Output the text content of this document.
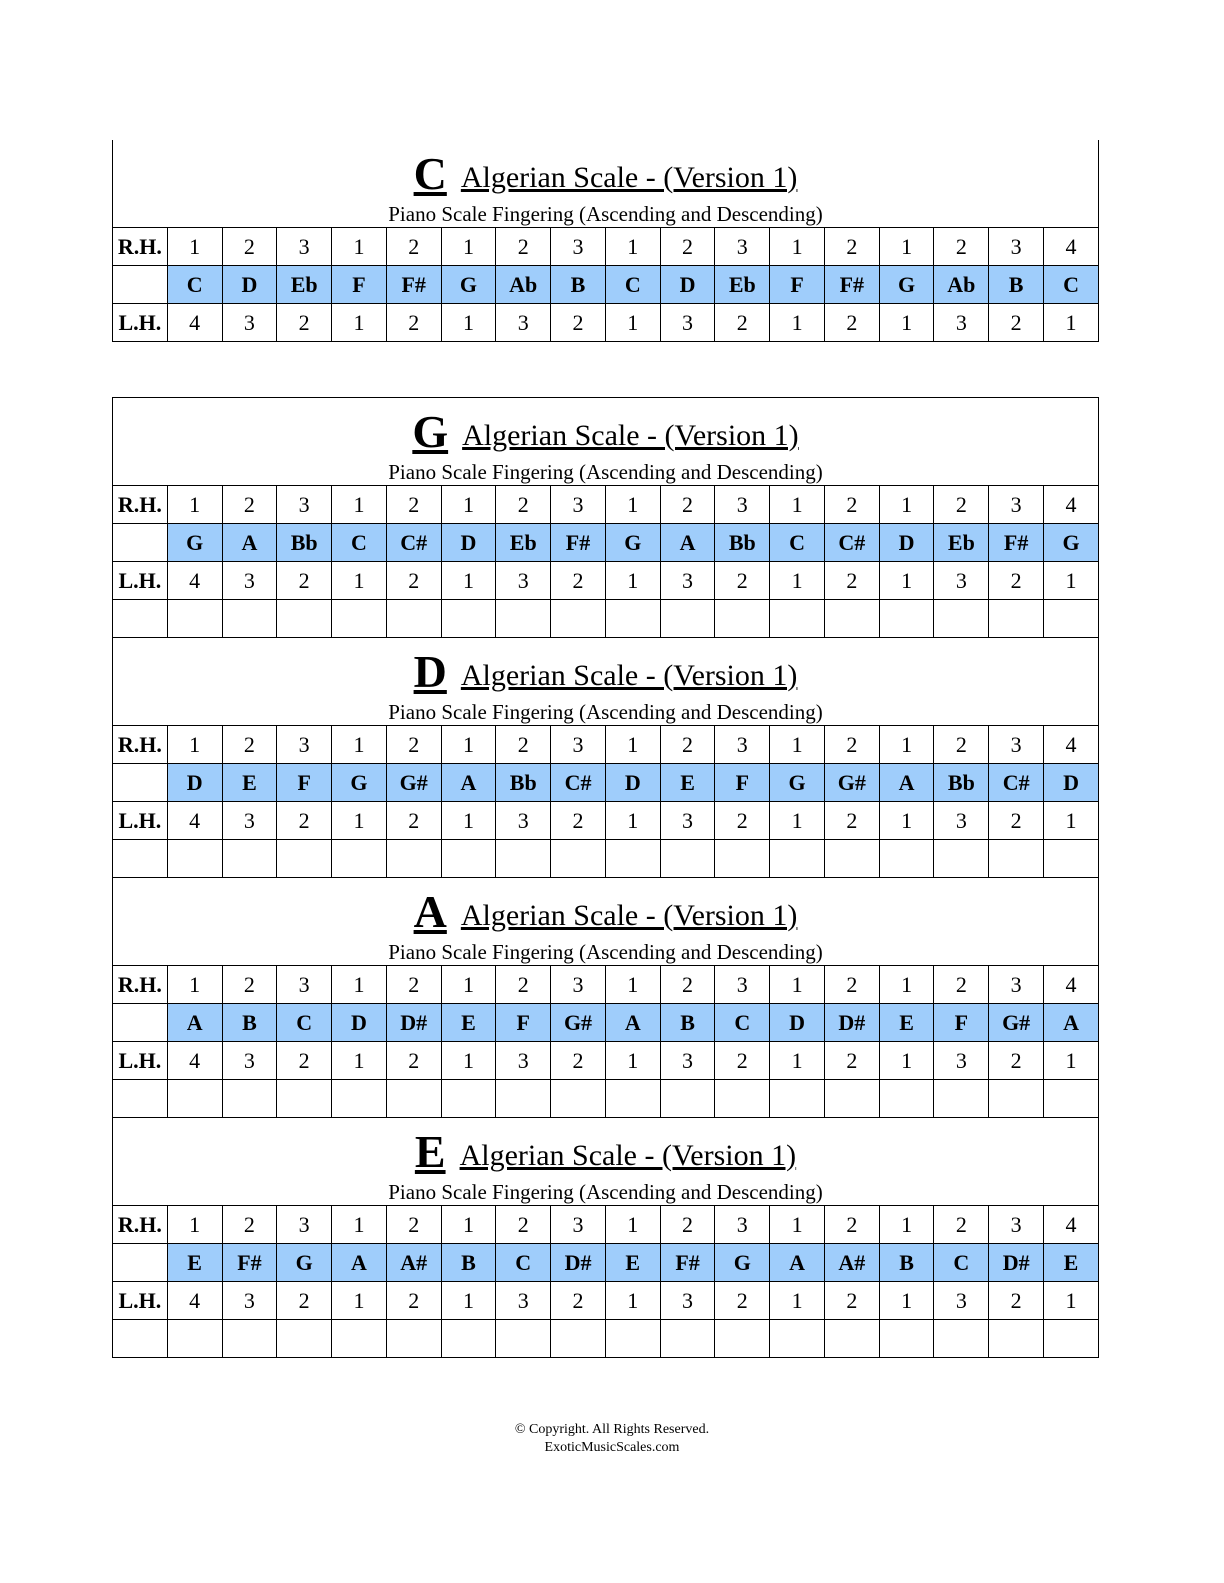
C Algerian Scale - (Version 1)
Piano Scale Fingering (Ascending and Descending)																	

R.H.	1	2	3	1	2	1	2	3	1	2	3	1	2	1	2	3	4
	C	D	Eb	F	F#	G	Ab	B	C	D	Eb	F	F#	G	Ab	B	C
L.H.	4	3	2	1	2	1	3	2	1	3	2	1	2	1	3	2	1
G Algerian Scale - (Version 1)
Piano Scale Fingering (Ascending and Descending)																	

R.H.	1	2	3	1	2	1	2	3	1	2	3	1	2	1	2	3	4
	G	A	Bb	C	C#	D	Eb	F#	G	A	Bb	C	C#	D	Eb	F#	G
L.H.	4	3	2	1	2	1	3	2	1	3	2	1	2	1	3	2	1

D Algerian Scale - (Version 1)
Piano Scale Fingering (Ascending and Descending)																	

R.H.	1	2	3	1	2	1	2	3	1	2	3	1	2	1	2	3	4
	D	E	F	G	G#	A	Bb	C#	D	E	F	G	G#	A	Bb	C#	D
L.H.	4	3	2	1	2	1	3	2	1	3	2	1	2	1	3	2	1

A Algerian Scale - (Version 1)
Piano Scale Fingering (Ascending and Descending)																	

R.H.	1	2	3	1	2	1	2	3	1	2	3	1	2	1	2	3	4
	A	B	C	D	D#	E	F	G#	A	B	C	D	D#	E	F	G#	A
L.H.	4	3	2	1	2	1	3	2	1	3	2	1	2	1	3	2	1

E Algerian Scale - (Version 1)
Piano Scale Fingering (Ascending and Descending)																	

R.H.	1	2	3	1	2	1	2	3	1	2	3	1	2	1	2	3	4
	E	F#	G	A	A#	B	C	D#	E	F#	G	A	A#	B	C	D#	E
L.H.	4	3	2	1	2	1	3	2	1	3	2	1	2	1	3	2	1

© Copyright. All Rights Reserved.
ExoticMusicScales.com
